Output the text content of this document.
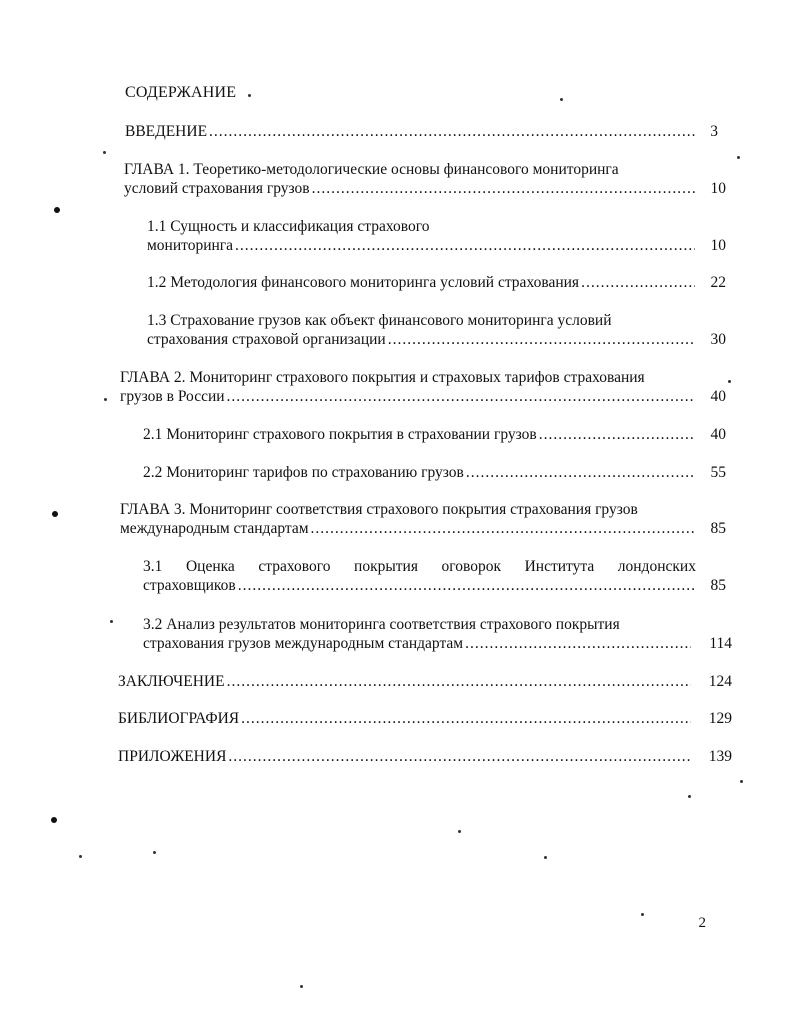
СОДЕРЖАНИЕ
ВВЕДЕНИЕ .....	3
ГЛАВА 1. Теоретико-методологические основы финансового мониторинга
условий страхования грузов .....	10
1.1 Сущность и классификация страхового
мониторинга .....	10
1.2 Методология финансового мониторинга условий страхования .....	22
1.3 Страхование грузов как объект финансового мониторинга условий
страхования страховой организации .....	30
ГЛАВА 2. Мониторинг страхового покрытия и страховых тарифов страхования
грузов в России .....	40
2.1 Мониторинг страхового покрытия в страховании грузов .....	40
2.2 Мониторинг тарифов по страхованию грузов .....	55
ГЛАВА 3. Мониторинг соответствия страхового покрытия страхования грузов
международным стандартам .....	85
3.1 Оценка страхового покрытия оговорок Института лондонских
страховщиков .....	85
3.2 Анализ результатов мониторинга соответствия страхового покрытия
страхования грузов международным стандартам .....	114
ЗАКЛЮЧЕНИЕ .....	124
БИБЛИОГРАФИЯ .....	129
ПРИЛОЖЕНИЯ .....	139
2
